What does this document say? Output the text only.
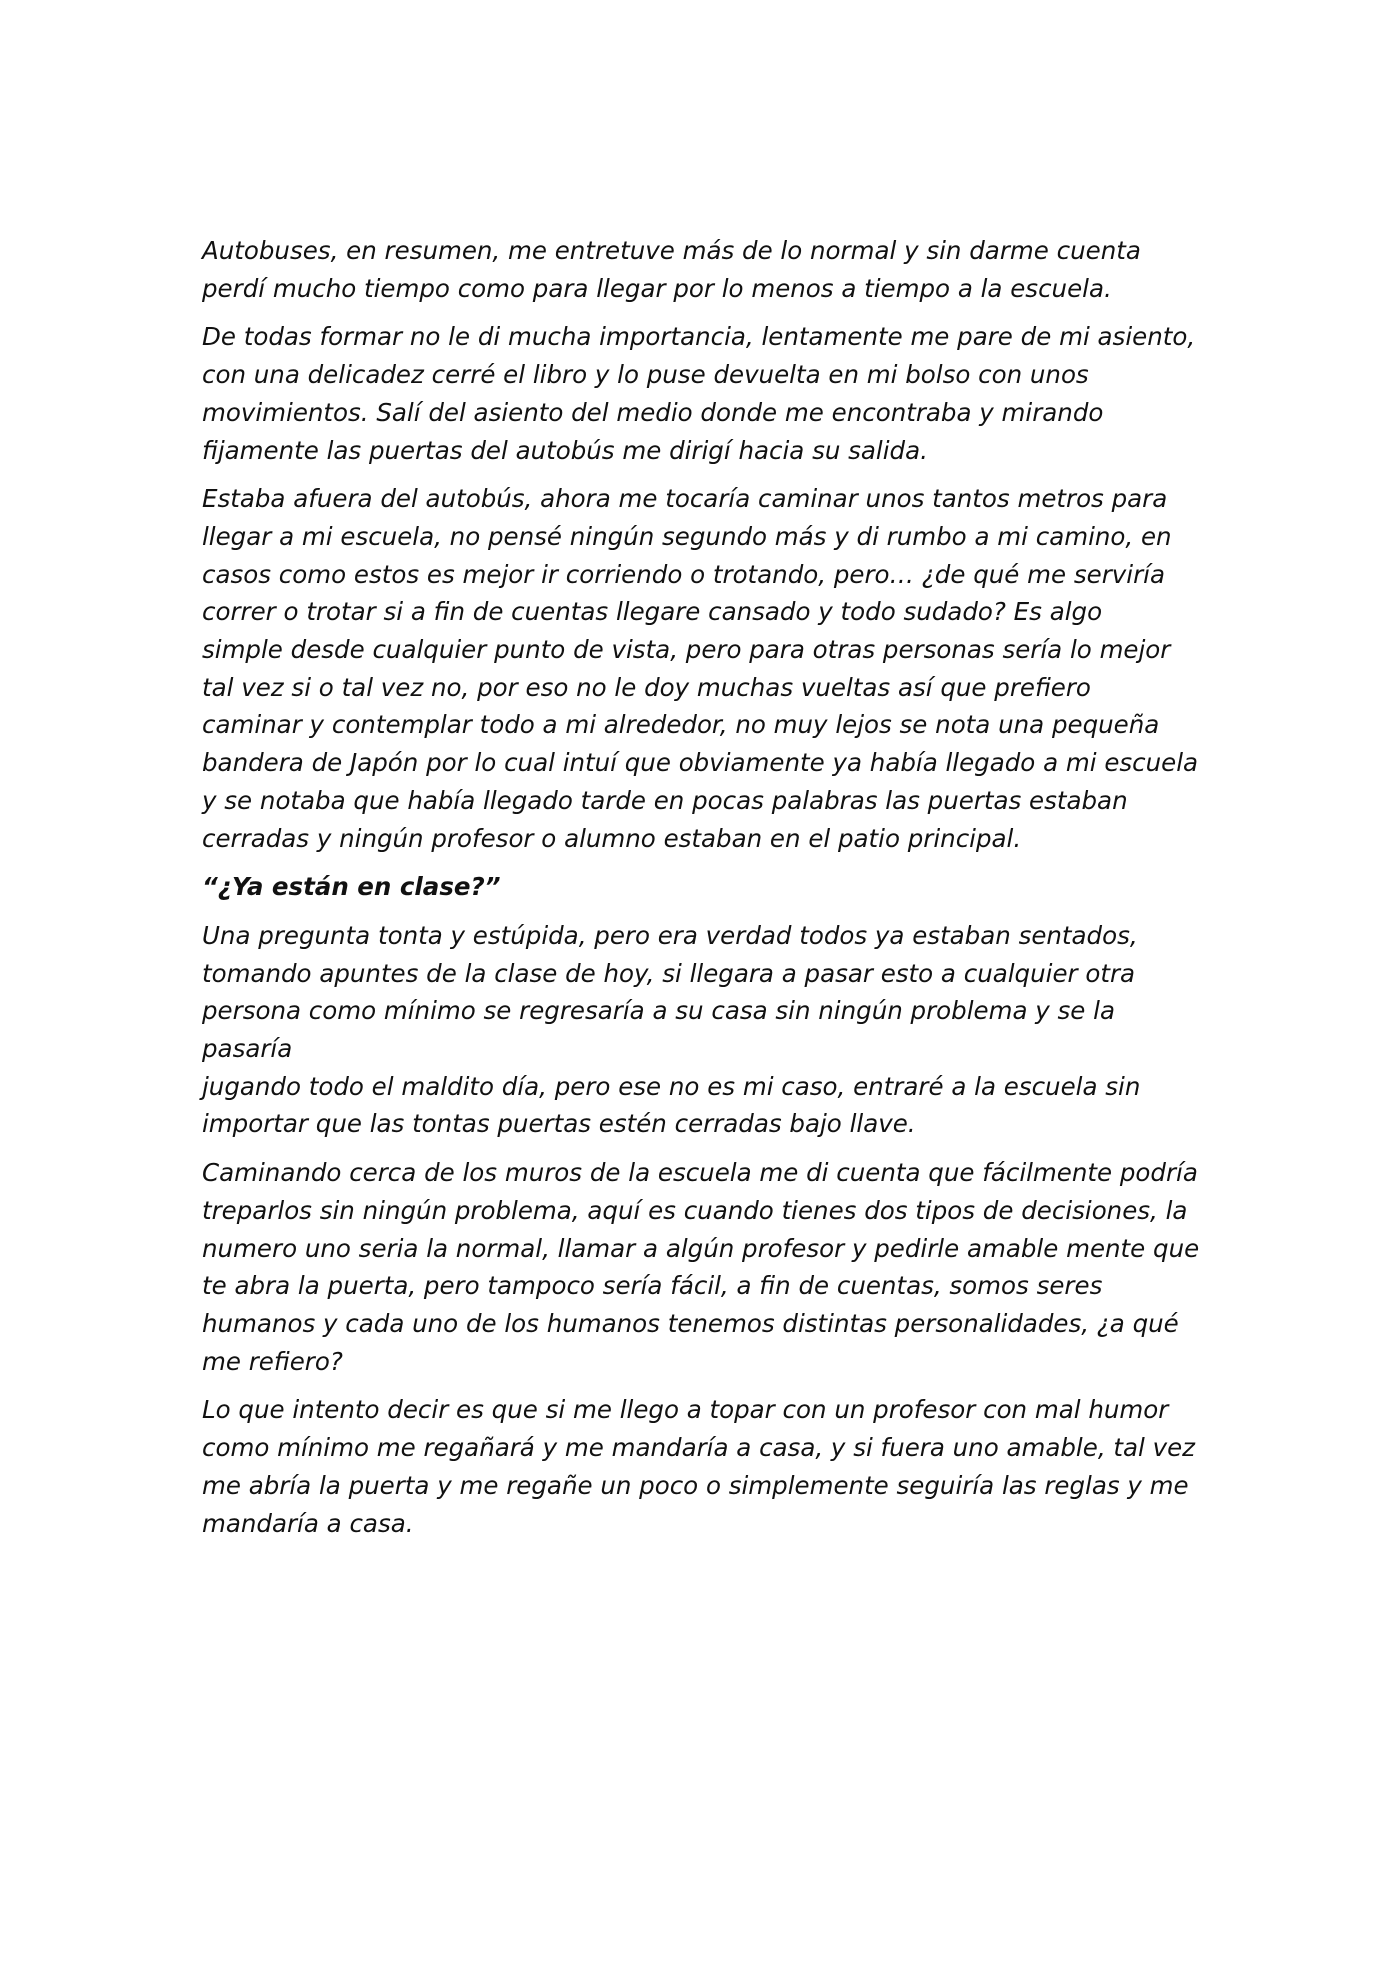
Autobuses, en resumen, me entretuve más de lo normal y sin darme cuenta
perdí mucho tiempo como para llegar por lo menos a tiempo a la escuela.

De todas formar no le di mucha importancia, lentamente me pare de mi asiento,
con una delicadez cerré el libro y lo puse devuelta en mi bolso con unos
movimientos. Salí del asiento del medio donde me encontraba y mirando
fijamente las puertas del autobús me dirigí hacia su salida.

Estaba afuera del autobús, ahora me tocaría caminar unos tantos metros para
llegar a mi escuela, no pensé ningún segundo más y di rumbo a mi camino, en
casos como estos es mejor ir corriendo o trotando, pero… ¿de qué me serviría
correr o trotar si a fin de cuentas llegare cansado y todo sudado? Es algo
simple desde cualquier punto de vista, pero para otras personas sería lo mejor
tal vez si o tal vez no, por eso no le doy muchas vueltas así que prefiero
caminar y contemplar todo a mi alrededor, no muy lejos se nota una pequeña
bandera de Japón por lo cual intuí que obviamente ya había llegado a mi escuela
y se notaba que había llegado tarde en pocas palabras las puertas estaban
cerradas y ningún profesor o alumno estaban en el patio principal.

“¿Ya están en clase?”

Una pregunta tonta y estúpida, pero era verdad todos ya estaban sentados,
tomando apuntes de la clase de hoy, si llegara a pasar esto a cualquier otra
persona como mínimo se regresaría a su casa sin ningún problema y se la pasaría
jugando todo el maldito día, pero ese no es mi caso, entraré a la escuela sin
importar que las tontas puertas estén cerradas bajo llave.

Caminando cerca de los muros de la escuela me di cuenta que fácilmente podría
treparlos sin ningún problema, aquí es cuando tienes dos tipos de decisiones, la
numero uno seria la normal, llamar a algún profesor y pedirle amable mente que
te abra la puerta, pero tampoco sería fácil, a fin de cuentas, somos seres
humanos y cada uno de los humanos tenemos distintas personalidades, ¿a qué
me refiero?

Lo que intento decir es que si me llego a topar con un profesor con mal humor
como mínimo me regañará y me mandaría a casa, y si fuera uno amable, tal vez
me abría la puerta y me regañe un poco o simplemente seguiría las reglas y me
mandaría a casa.
